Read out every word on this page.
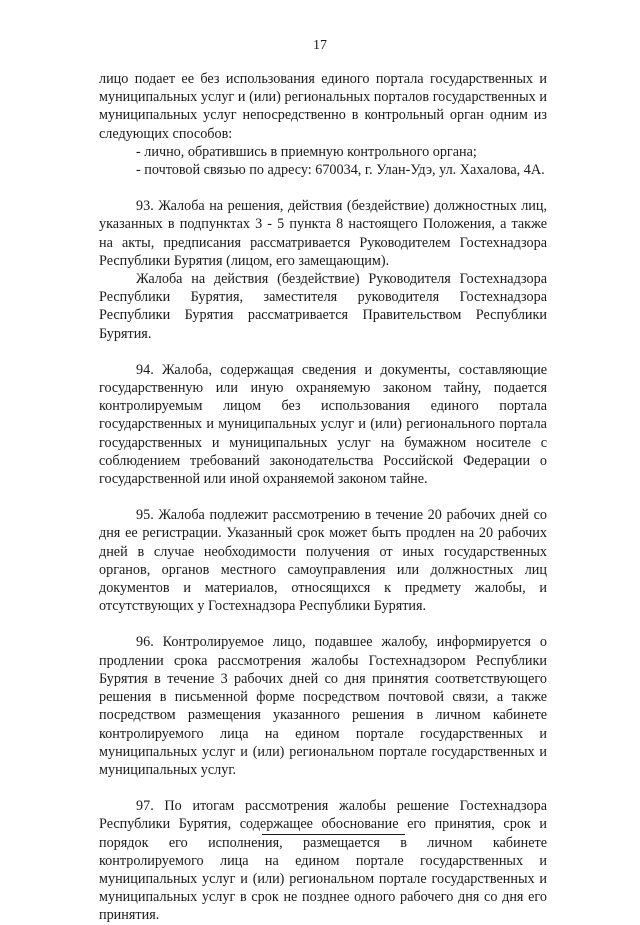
17

лицо подает ее без использования единого портала государственных и муниципальных услуг и (или) региональных порталов государственных и муниципальных услуг непосредственно в контрольный орган одним из следующих способов:

- лично, обратившись в приемную контрольного органа;

- почтовой связью по адресу: 670034, г. Улан-Удэ, ул. Хахалова, 4А.

93. Жалоба на решения, действия (бездействие) должностных лиц, указанных в подпунктах 3 - 5 пункта 8 настоящего Положения, а также на акты, предписания рассматривается Руководителем Гостехнадзора Республики Бурятия (лицом, его замещающим).

Жалоба на действия (бездействие) Руководителя Гостехнадзора Республики Бурятия, заместителя руководителя Гостехнадзора Республики Бурятия рассматривается Правительством Республики Бурятия.

94. Жалоба, содержащая сведения и документы, составляющие государственную или иную охраняемую законом тайну, подается контролируемым лицом без использования единого портала государственных и муниципальных услуг и (или) регионального портала государственных и муниципальных услуг на бумажном носителе с соблюдением требований законодательства Российской Федерации о государственной или иной охраняемой законом тайне.

95. Жалоба подлежит рассмотрению в течение 20 рабочих дней со дня ее регистрации. Указанный срок может быть продлен на 20 рабочих дней в случае необходимости получения от иных государственных органов, органов местного самоуправления или должностных лиц документов и материалов, относящихся к предмету жалобы, и отсутствующих у Гостехнадзора Республики Бурятия.

96. Контролируемое лицо, подавшее жалобу, информируется о продлении срока рассмотрения жалобы Гостехнадзором Республики Бурятия в течение 3 рабочих дней со дня принятия соответствующего решения в письменной форме посредством почтовой связи, а также посредством размещения указанного решения в личном кабинете контролируемого лица на едином портале государственных и муниципальных услуг и (или) региональном портале государственных и муниципальных услуг.

97. По итогам рассмотрения жалобы решение Гостехнадзора Республики Бурятия, содержащее обоснование его принятия, срок и порядок его исполнения, размещается в личном кабинете контролируемого лица на едином портале государственных и муниципальных услуг и (или) региональном портале государственных и муниципальных услуг в срок не позднее одного рабочего дня со дня его принятия.
